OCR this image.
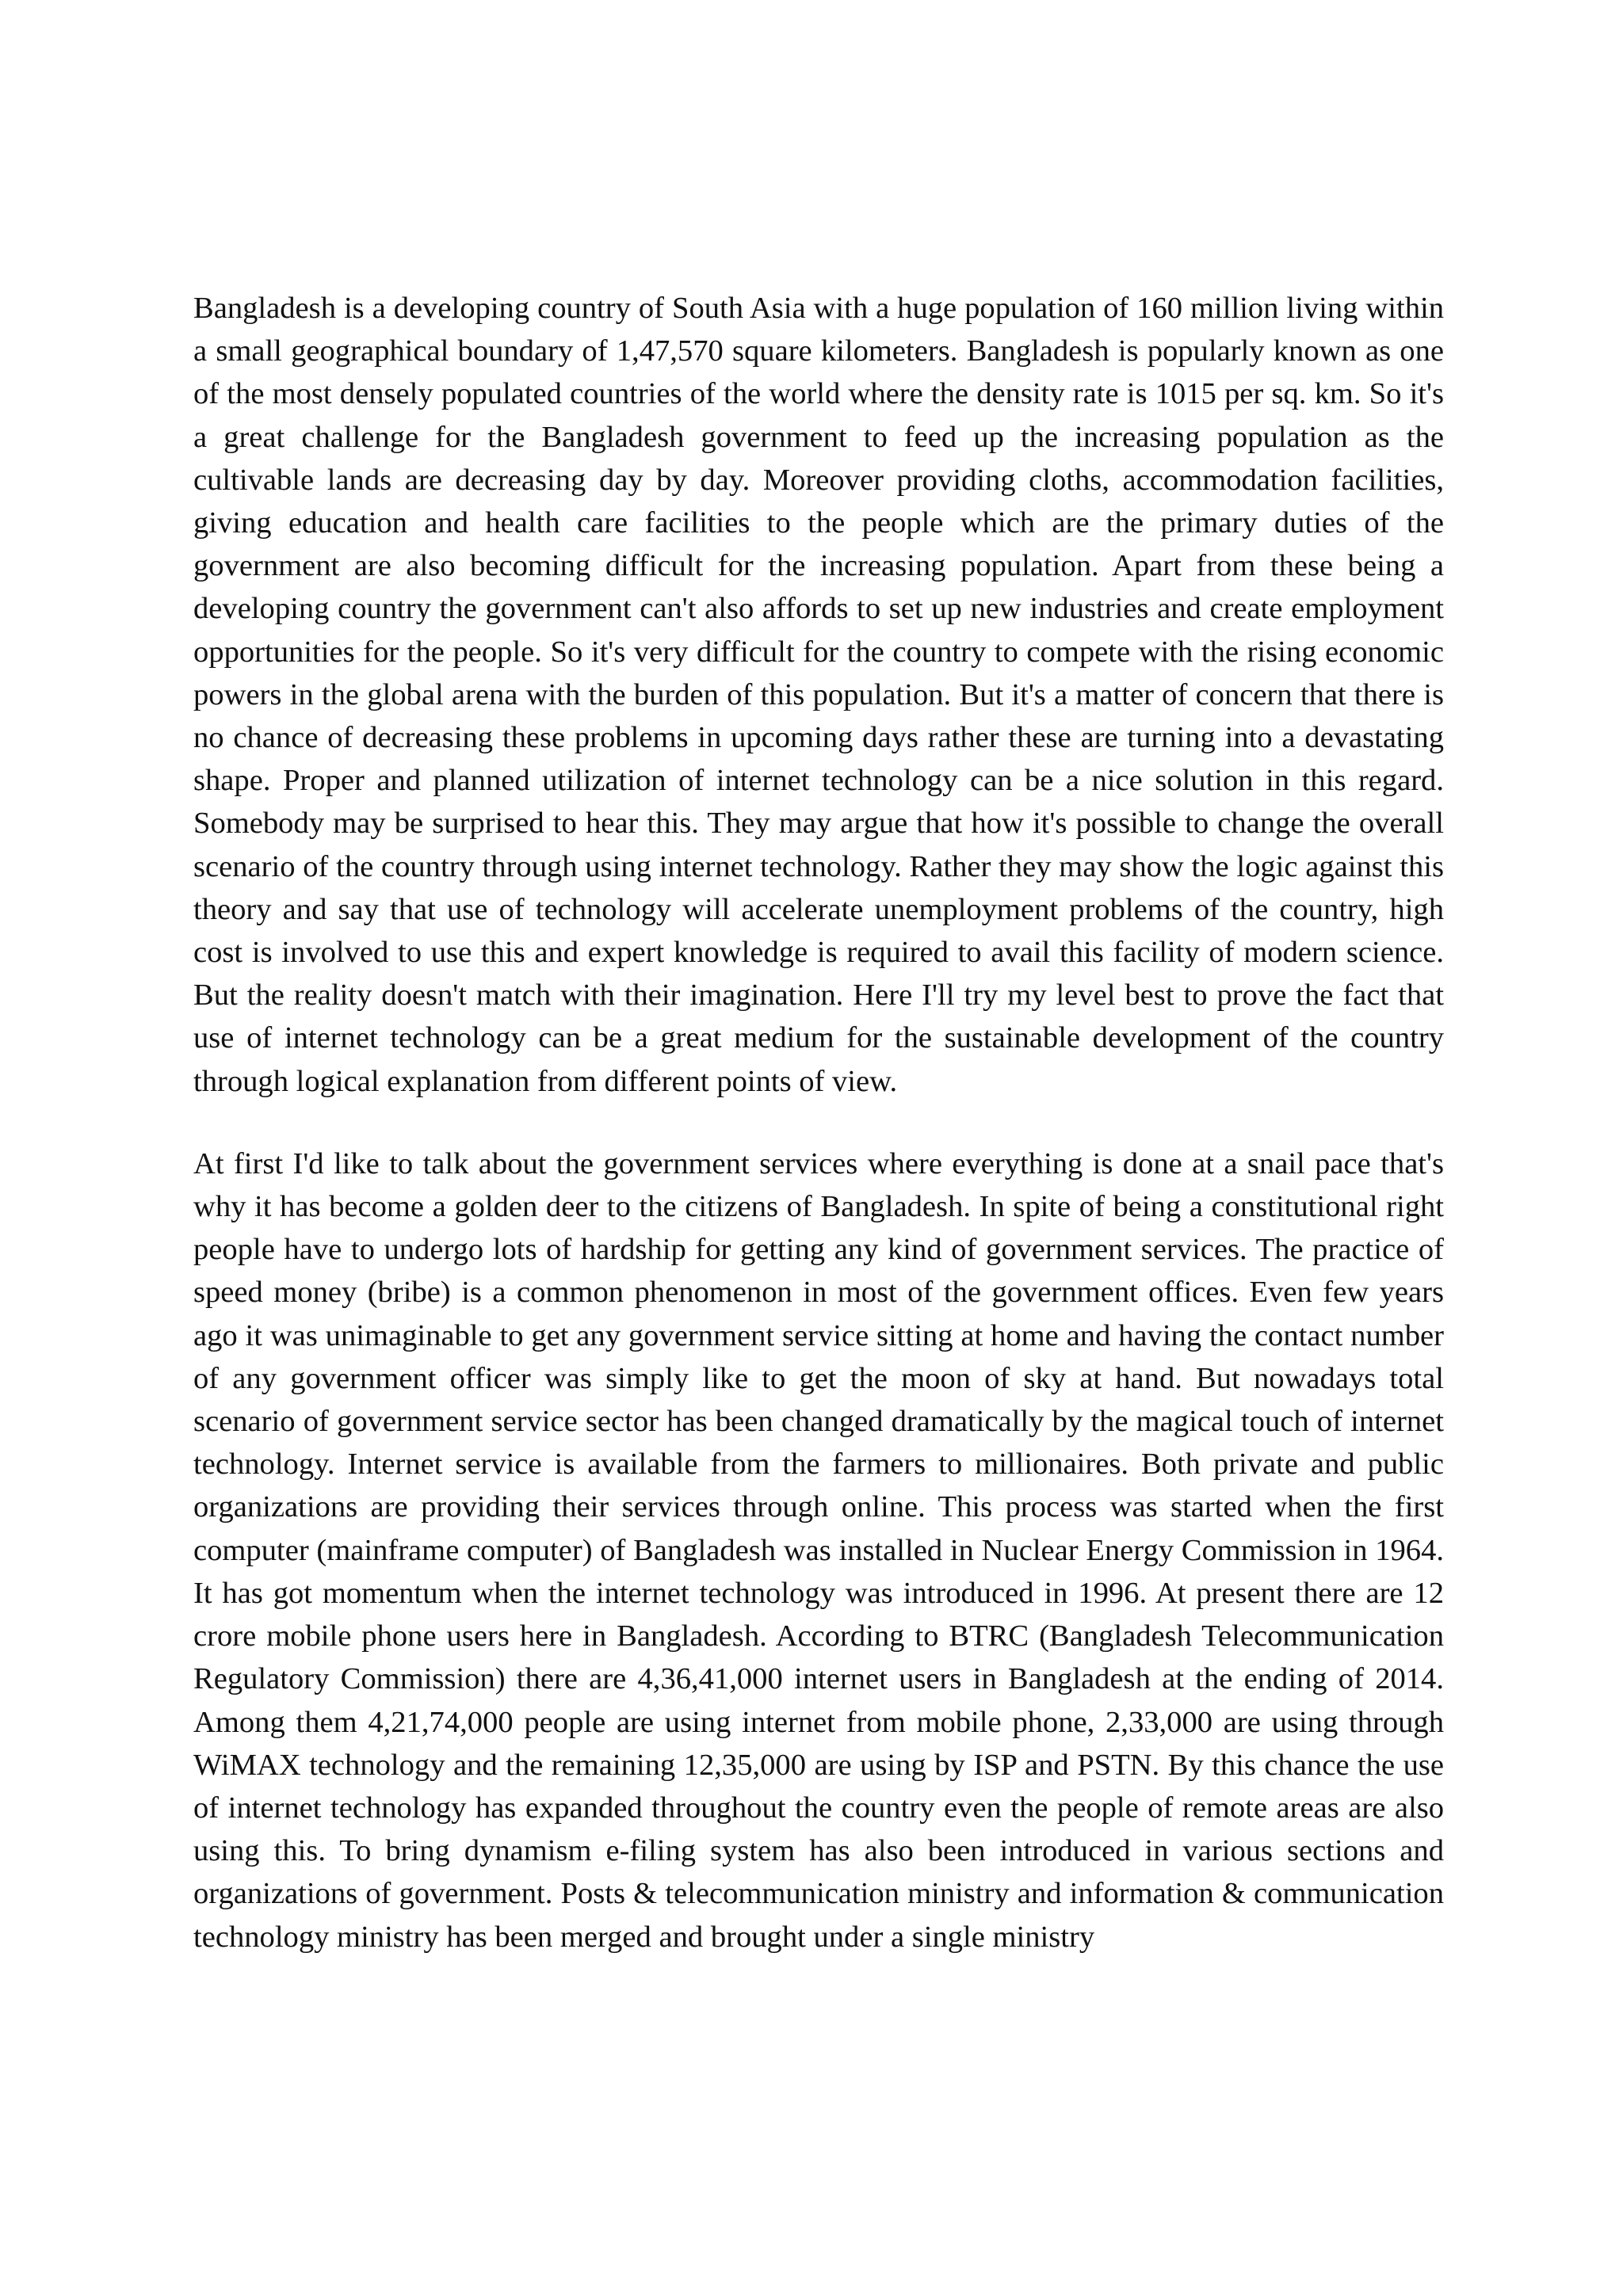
Bangladesh is a developing country of South Asia with a huge population of 160 million living within a small geographical boundary of 1,47,570 square kilometers. Bangladesh is popularly known as one of the most densely populated countries of the world where the density rate is 1015 per sq. km. So it's a great challenge for the Bangladesh government to feed up the increasing population as the cultivable lands are decreasing day by day. Moreover providing cloths, accommodation facilities, giving education and health care facilities to the people which are the primary duties of the government are also becoming difficult for the increasing population. Apart from these being a developing country the government can't also affords to set up new industries and create employment opportunities for the people. So it's very difficult for the country to compete with the rising economic powers in the global arena with the burden of this population. But it's a matter of concern that there is no chance of decreasing these problems in upcoming days rather these are turning into a devastating shape. Proper and planned utilization of internet technology can be a nice solution in this regard. Somebody may be surprised to hear this. They may argue that how it's possible to change the overall scenario of the country through using internet technology. Rather they may show the logic against this theory and say that use of technology will accelerate unemployment problems of the country, high cost is involved to use this and expert knowledge is required to avail this facility of modern science. But the reality doesn't match with their imagination. Here I'll try my level best to prove the fact that use of internet technology can be a great medium for the sustainable development of the country through logical explanation from different points of view.

At first I'd like to talk about the government services where everything is done at a snail pace that's why it has become a golden deer to the citizens of Bangladesh. In spite of being a constitutional right people have to undergo lots of hardship for getting any kind of government services. The practice of speed money (bribe) is a common phenomenon in most of the government offices. Even few years ago it was unimaginable to get any government service sitting at home and having the contact number of any government officer was simply like to get the moon of sky at hand. But nowadays total scenario of government service sector has been changed dramatically by the magical touch of internet technology. Internet service is available from the farmers to millionaires. Both private and public organizations are providing their services through online. This process was started when the first computer (mainframe computer) of Bangladesh was installed in Nuclear Energy Commission in 1964. It has got momentum when the internet technology was introduced in 1996. At present there are 12 crore mobile phone users here in Bangladesh. According to BTRC (Bangladesh Telecommunication Regulatory Commission) there are 4,36,41,000 internet users in Bangladesh at the ending of 2014. Among them 4,21,74,000 people are using internet from mobile phone, 2,33,000 are using through WiMAX technology and the remaining 12,35,000 are using by ISP and PSTN. By this chance the use of internet technology has expanded throughout the country even the people of remote areas are also using this. To bring dynamism e-filing system has also been introduced in various sections and organizations of government. Posts & telecommunication ministry and information & communication technology ministry has been merged and brought under a single ministry
